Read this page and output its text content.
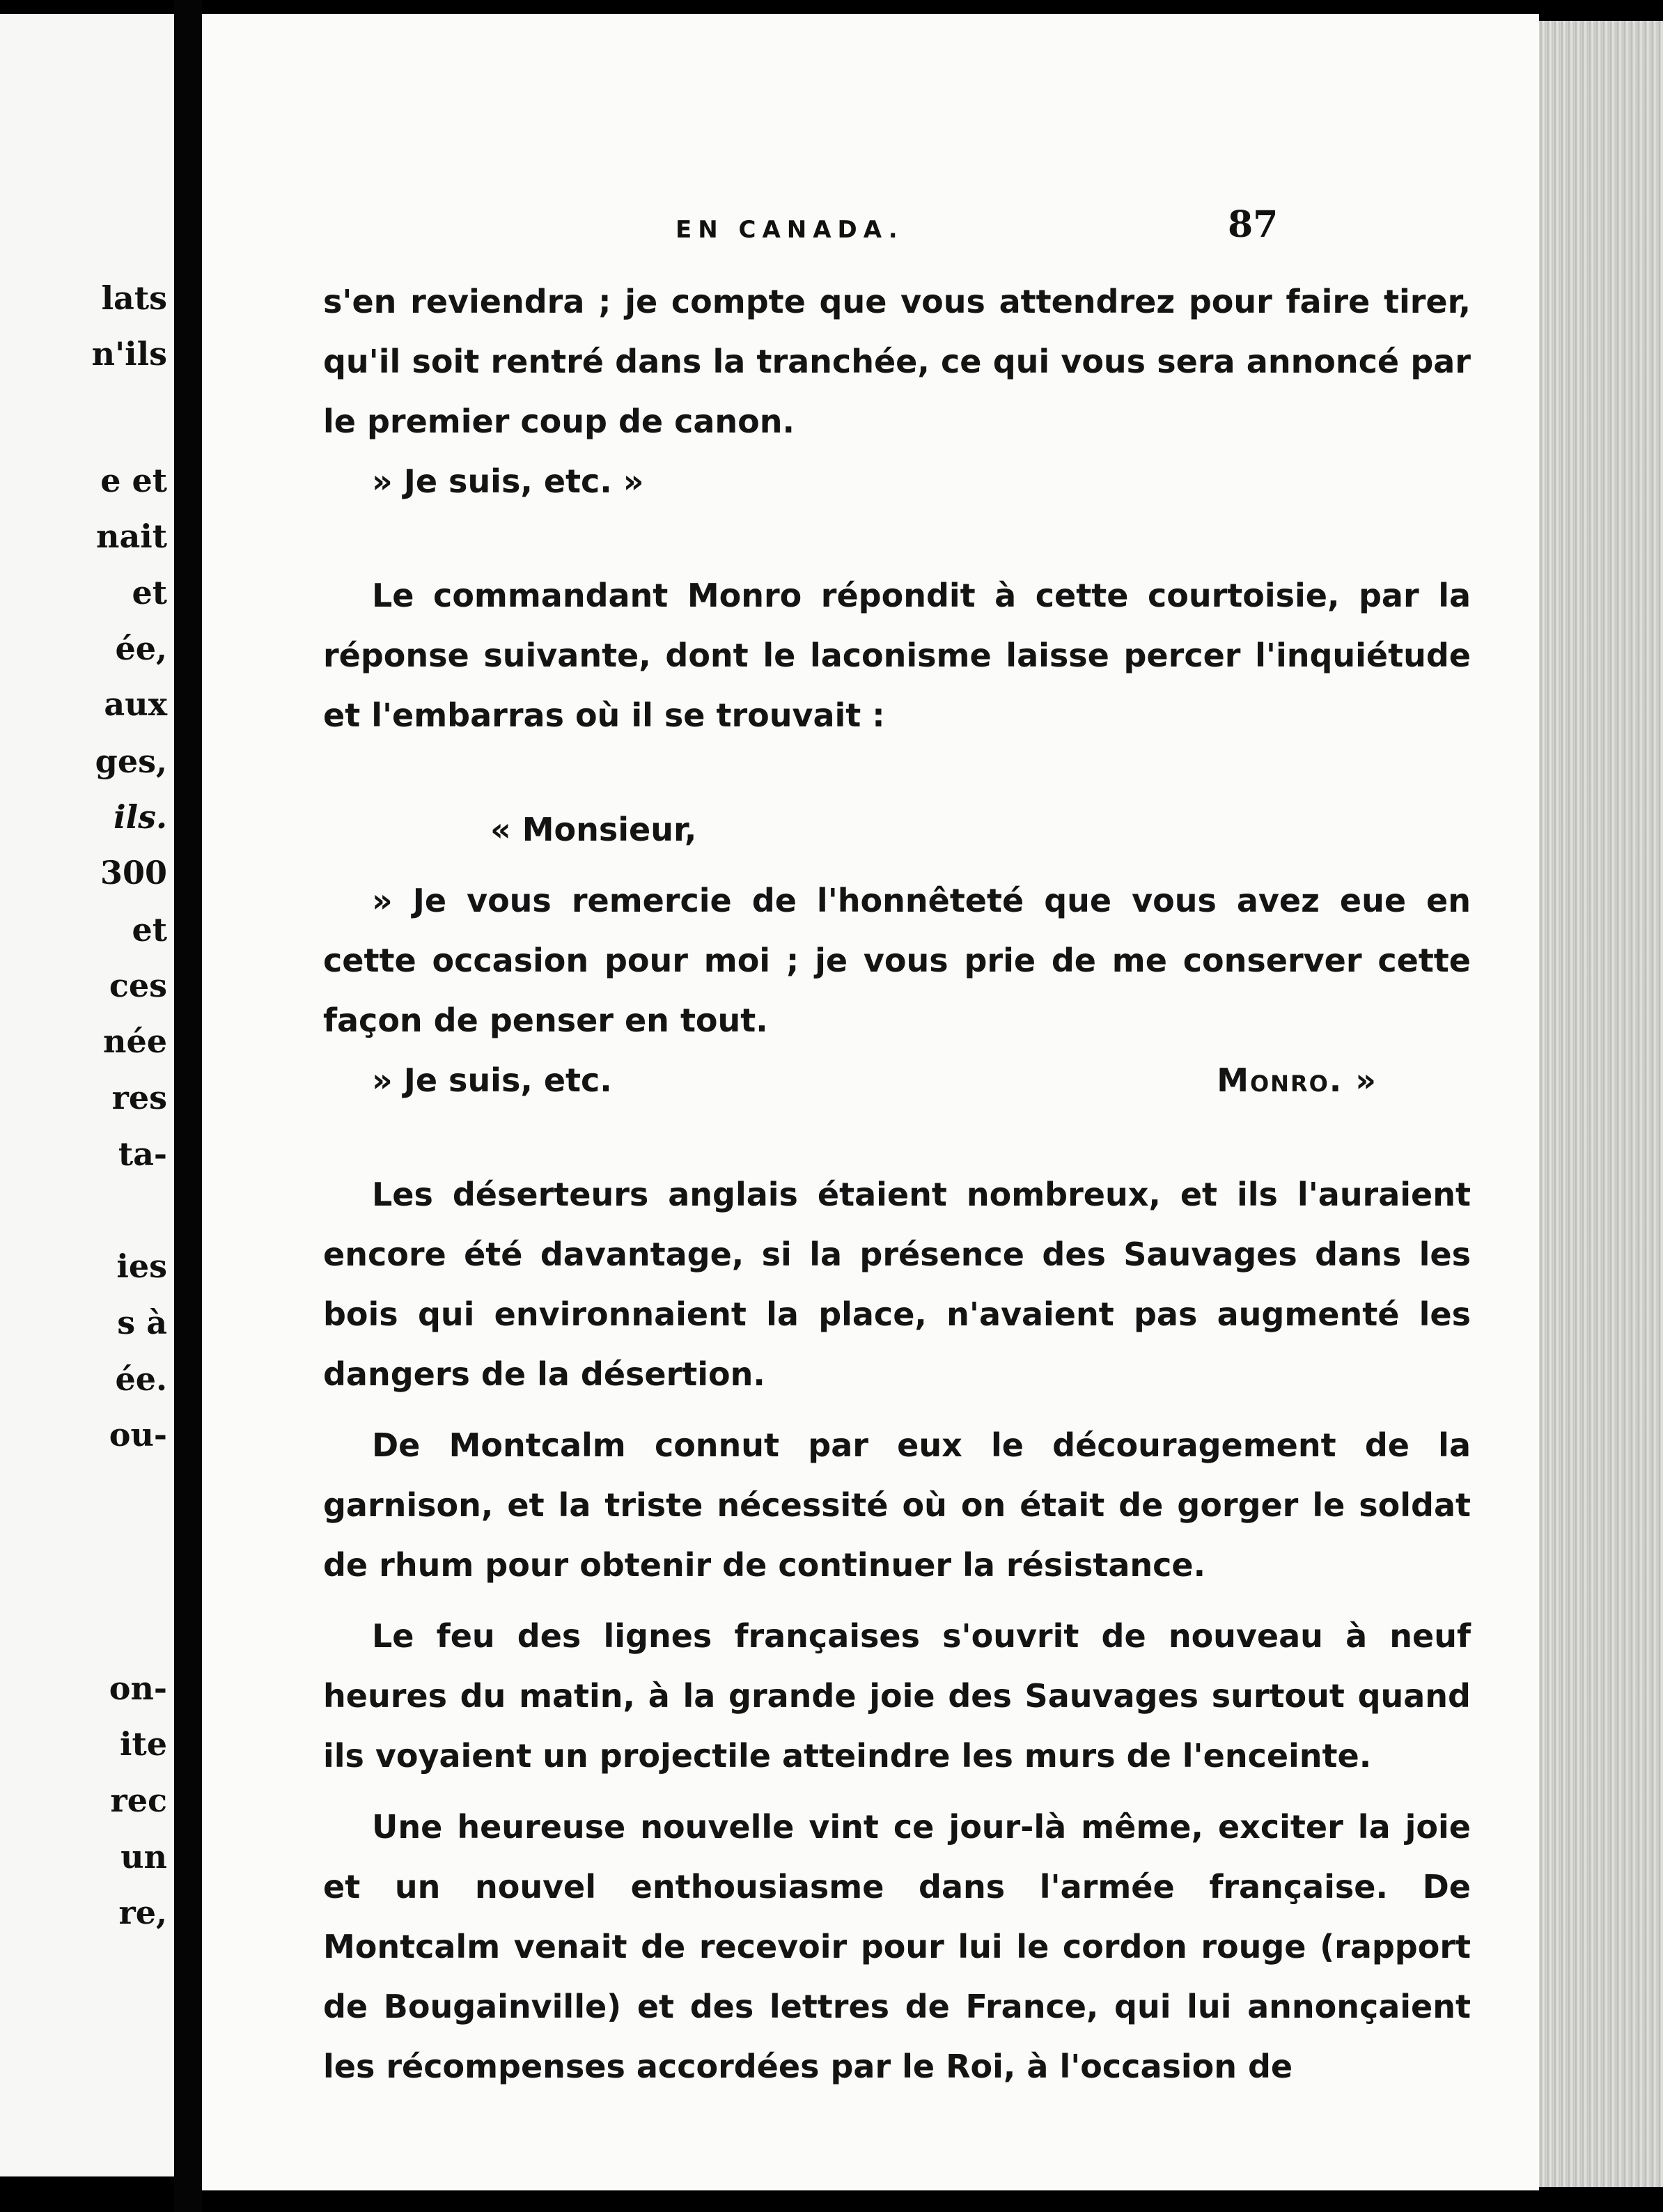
lats
n'ils
e et
nait
et
ée,
aux
ges,
ils.
300
et
ces
née
res
ta-
ies
s à
ée.
ou-
on-
ite
rec
un
re,
EN CANADA.	87

s'en reviendra ; je compte que vous attendrez pour faire tirer, qu'il soit rentré dans la tranchée, ce qui vous sera annoncé par le premier coup de canon.

» Je suis, etc. »

Le commandant Monro répondit à cette courtoisie, par la réponse suivante, dont le laconisme laisse percer l'inquiétude et l'embarras où il se trouvait :

« Monsieur,

» Je vous remercie de l'honnêteté que vous avez eue en cette occasion pour moi ; je vous prie de me conserver cette façon de penser en tout.

» Je suis, etc.	Monro. »

Les déserteurs anglais étaient nombreux, et ils l'auraient encore été davantage, si la présence des Sauvages dans les bois qui environnaient la place, n'avaient pas augmenté les dangers de la désertion.

De Montcalm connut par eux le découragement de la garnison, et la triste nécessité où on était de gorger le soldat de rhum pour obtenir de continuer la résistance.

Le feu des lignes françaises s'ouvrit de nouveau à neuf heures du matin, à la grande joie des Sauvages surtout quand ils voyaient un projectile atteindre les murs de l'enceinte.

Une heureuse nouvelle vint ce jour-là même, exciter la joie et un nouvel enthousiasme dans l'armée française. De Montcalm venait de recevoir pour lui le cordon rouge (rapport de Bougainville) et des lettres de France, qui lui annonçaient les récompenses accordées par le Roi, à l'occasion de
